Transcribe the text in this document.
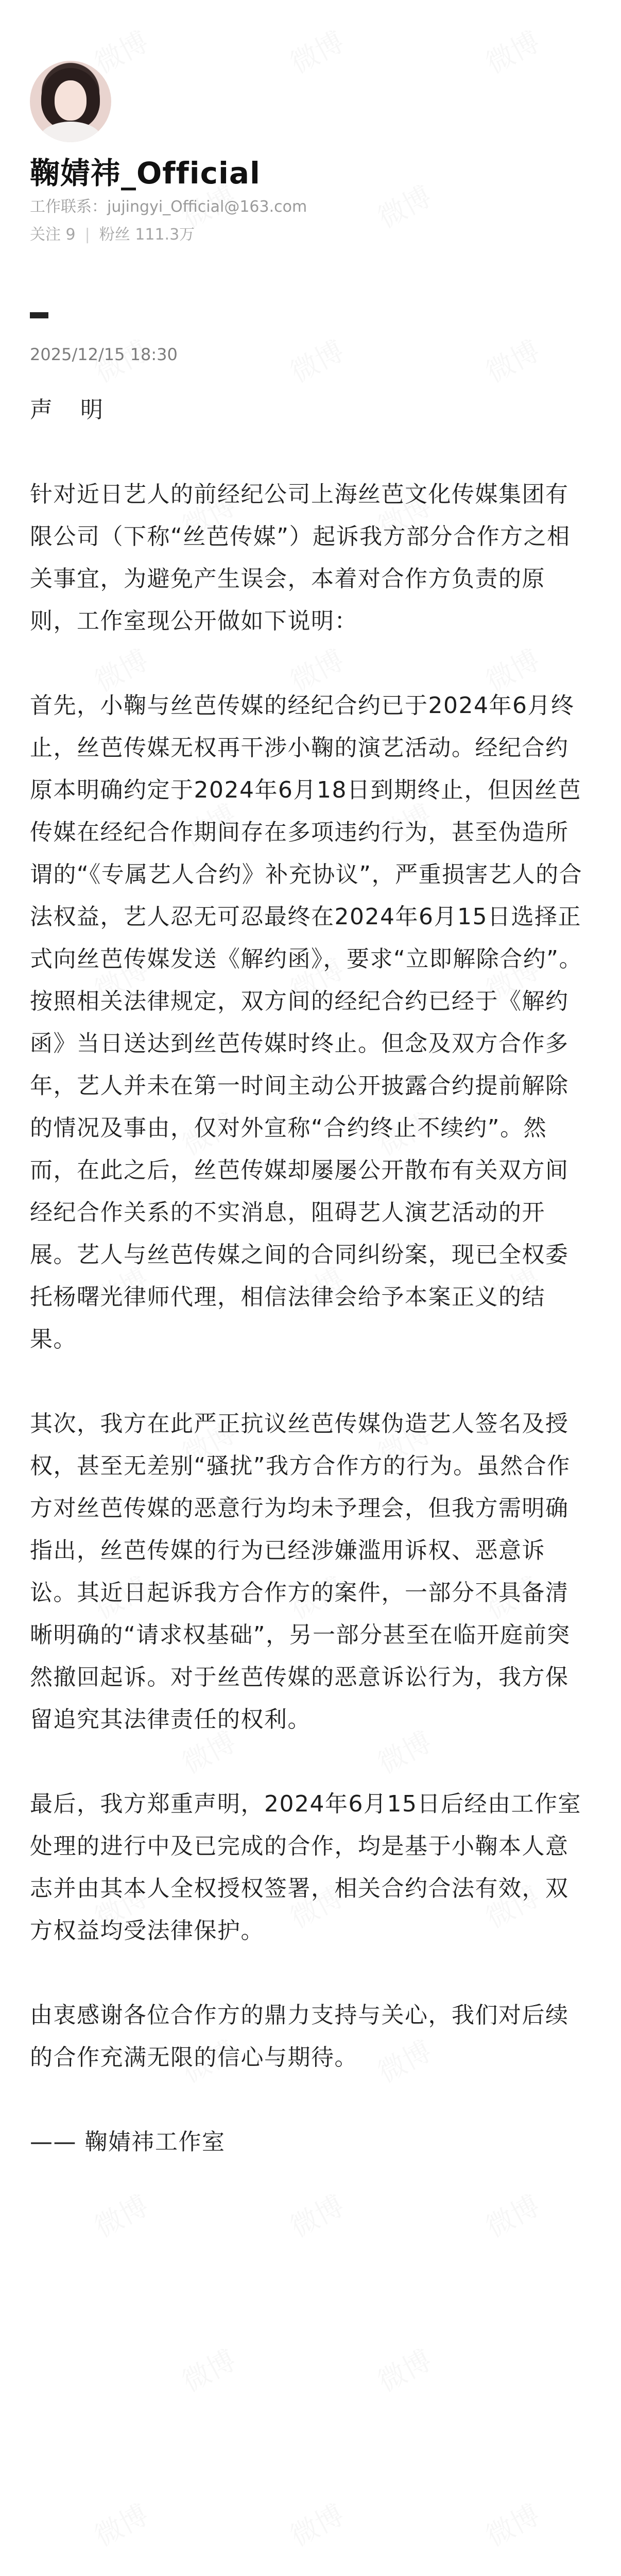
鞠婧祎_Official
工作联系：jujingyi_Official@163.com
关注 9 | 粉丝 111.3万
2025/12/15 18:30

声 明

针对近日艺人的前经纪公司上海丝芭文化传媒集团有限公司（下称“丝芭传媒”）起诉我方部分合作方之相关事宜，为避免产生误会，本着对合作方负责的原则，工作室现公开做如下说明：

首先，小鞠与丝芭传媒的经纪合约已于2024年6月终止，丝芭传媒无权再干涉小鞠的演艺活动。经纪合约原本明确约定于2024年6月18日到期终止，但因丝芭传媒在经纪合作期间存在多项违约行为，甚至伪造所谓的“《专属艺人合约》补充协议”，严重损害艺人的合法权益，艺人忍无可忍最终在2024年6月15日选择正式向丝芭传媒发送《解约函》，要求“立即解除合约”。按照相关法律规定，双方间的经纪合约已经于《解约函》当日送达到丝芭传媒时终止。但念及双方合作多年，艺人并未在第一时间主动公开披露合约提前解除的情况及事由，仅对外宣称“合约终止不续约”。然而，在此之后，丝芭传媒却屡屡公开散布有关双方间经纪合作关系的不实消息，阻碍艺人演艺活动的开展。艺人与丝芭传媒之间的合同纠纷案，现已全权委托杨曙光律师代理，相信法律会给予本案正义的结果。

其次，我方在此严正抗议丝芭传媒伪造艺人签名及授权，甚至无差别“骚扰”我方合作方的行为。虽然合作方对丝芭传媒的恶意行为均未予理会，但我方需明确指出，丝芭传媒的行为已经涉嫌滥用诉权、恶意诉讼。其近日起诉我方合作方的案件，一部分不具备清晰明确的“请求权基础”，另一部分甚至在临开庭前突然撤回起诉。对于丝芭传媒的恶意诉讼行为，我方保留追究其法律责任的权利。

最后，我方郑重声明，2024年6月15日后经由工作室处理的进行中及已完成的合作，均是基于小鞠本人意志并由其本人全权授权签署，相关合约合法有效，双方权益均受法律保护。

由衷感谢各位合作方的鼎力支持与关心，我们对后续的合作充满无限的信心与期待。

—— 鞠婧祎工作室
